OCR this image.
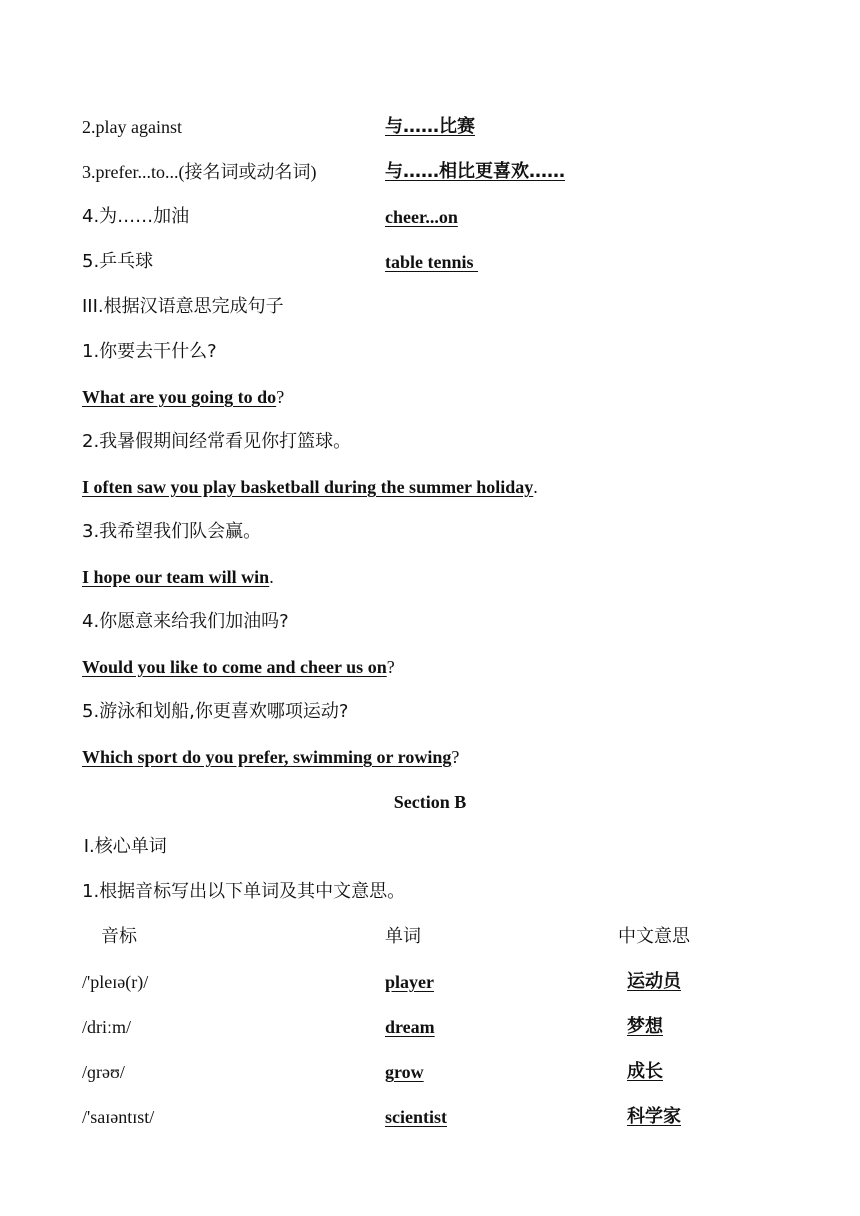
2.play against	与……比赛
3.prefer...to...(接名词或动名词)	与……相比更喜欢……
4.为……加油	cheer...on
5.乒乓球	table tennis
III.根据汉语意思完成句子
1.你要去干什么?
What are you going to do?
2.我暑假期间经常看见你打篮球。
I often saw you play basketball during the summer holiday.
3.我希望我们队会赢。
I hope our team will win.
4.你愿意来给我们加油吗?
Would you like to come and cheer us on?
5.游泳和划船,你更喜欢哪项运动?
Which sport do you prefer, swimming or rowing?
Section B
Ⅰ.核心单词
1.根据音标写出以下单词及其中文意思。
音标	单词	中文意思
/'pleɪə(r)/	player	运动员
/driːm/	dream	梦想
/ɡrəʊ/	grow	成长
/'saɪəntɪst/	scientist	科学家
